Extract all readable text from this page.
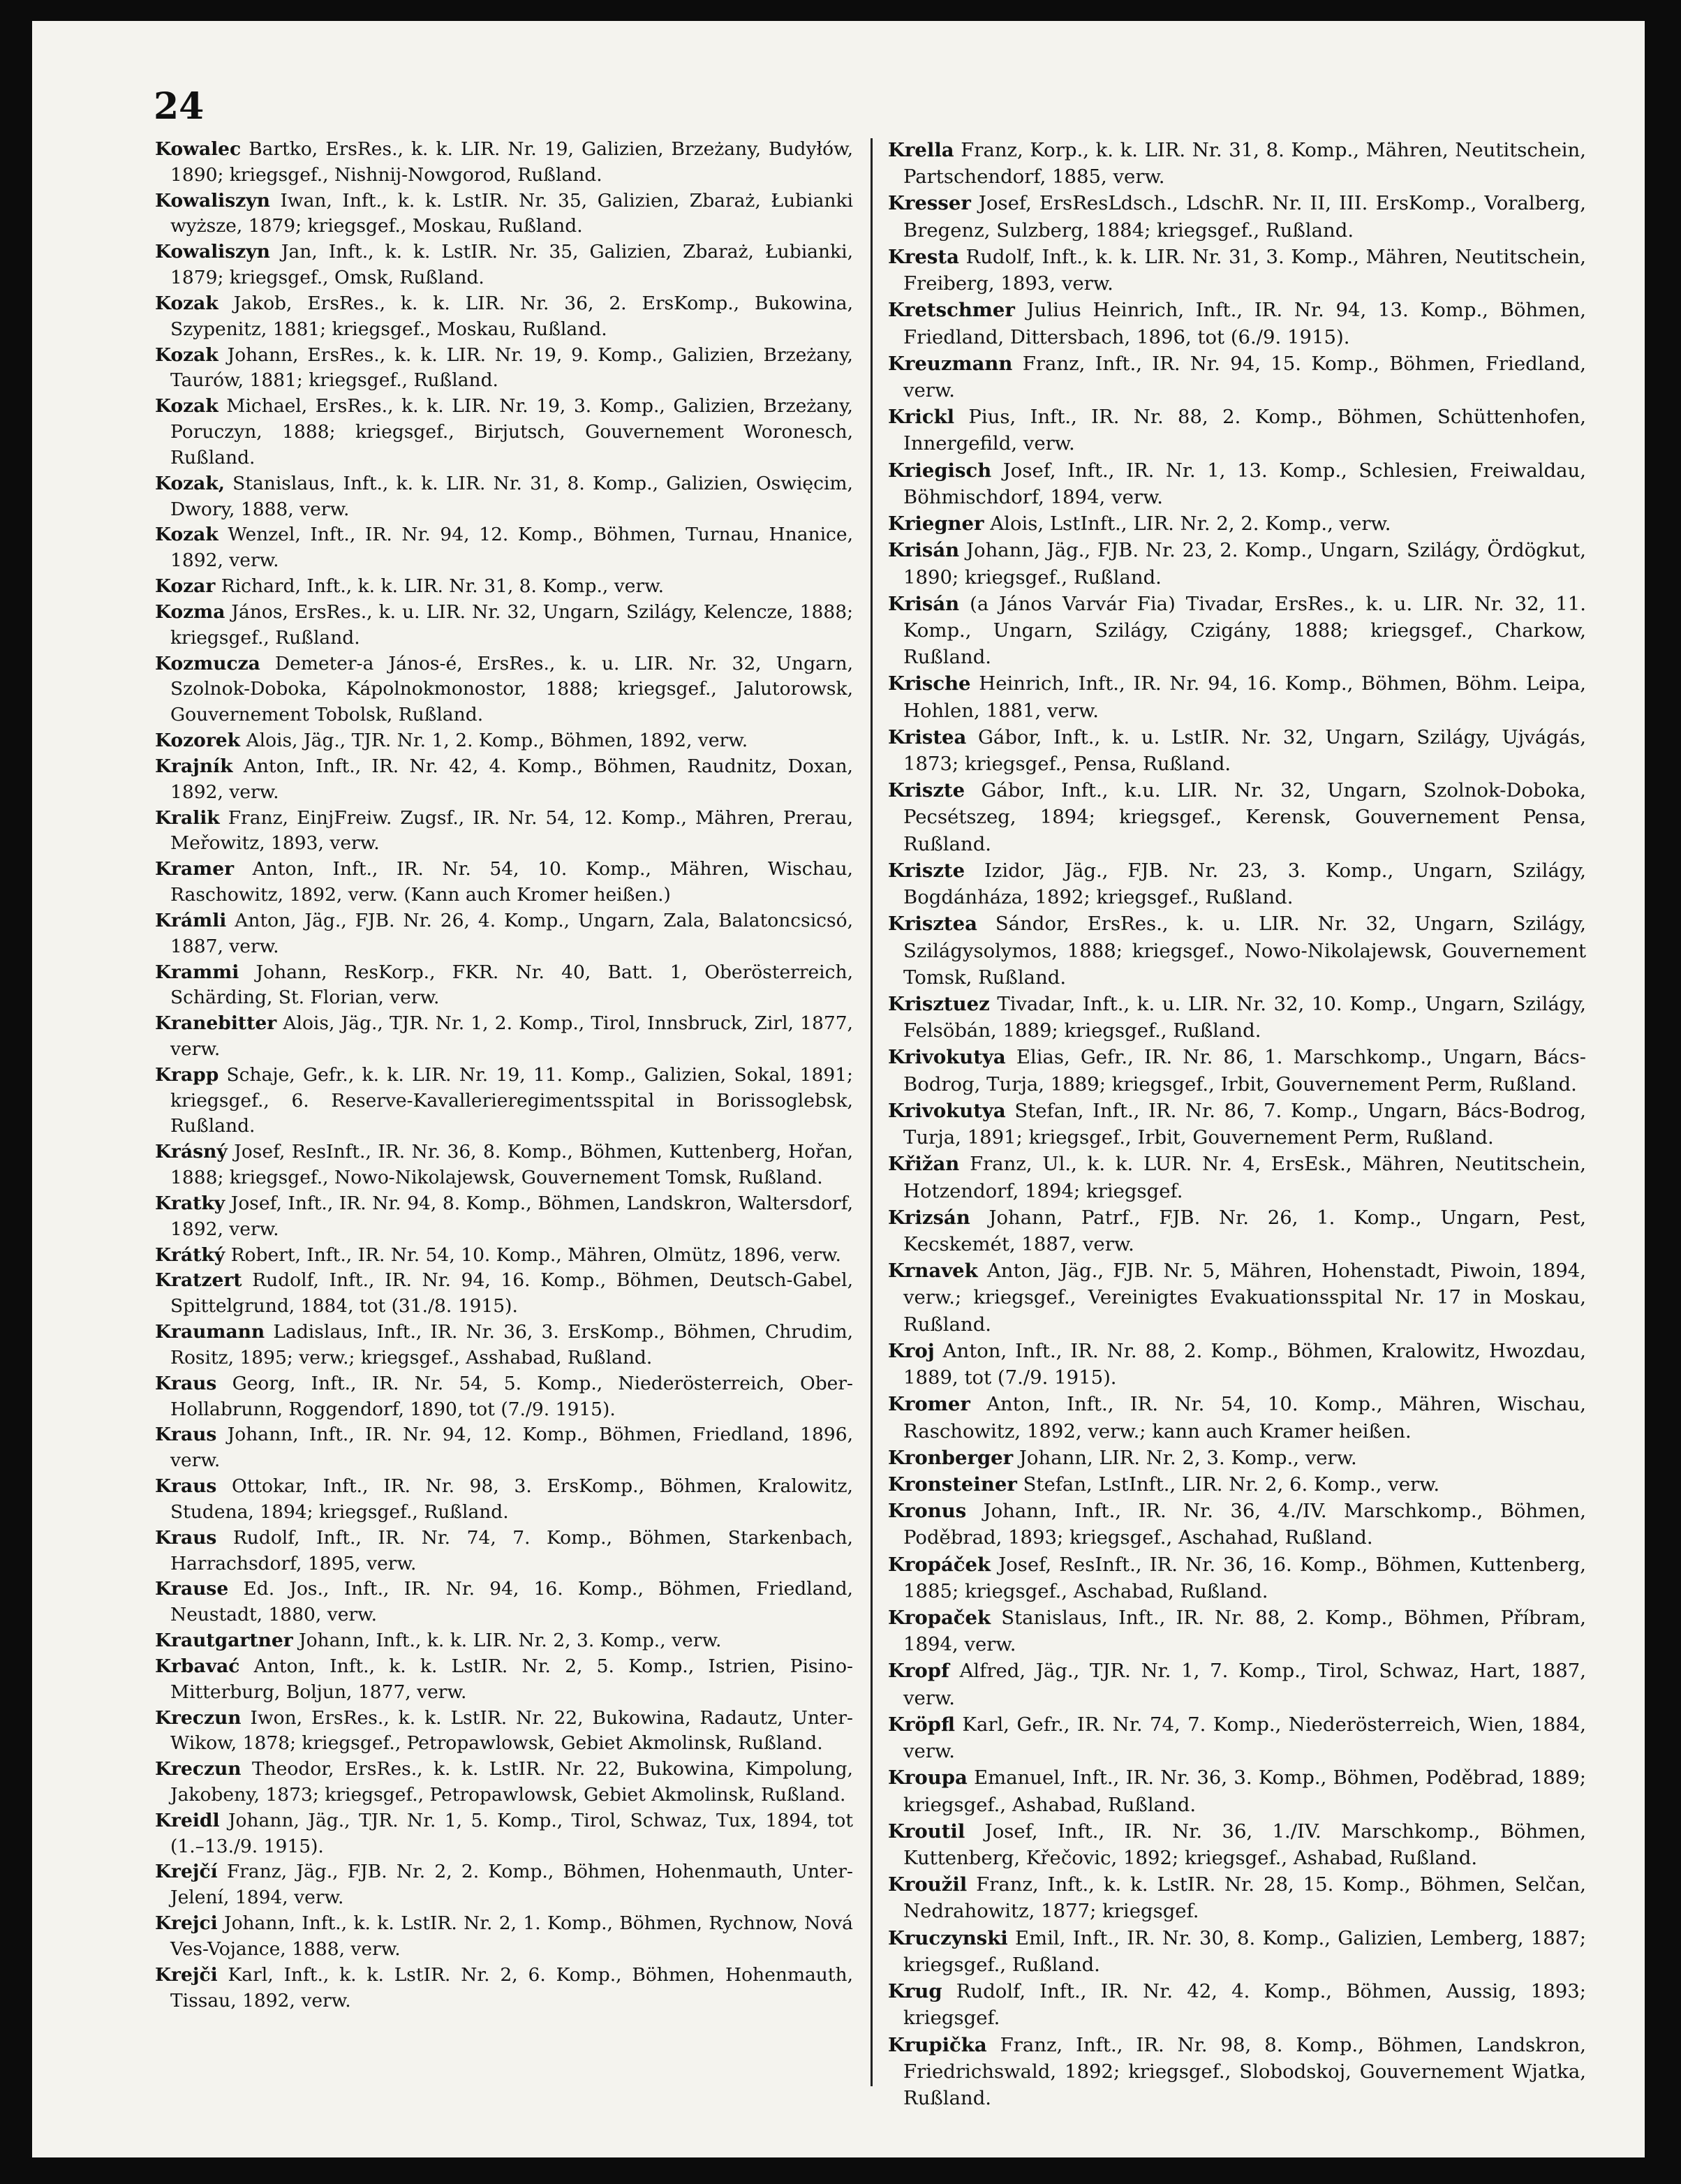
24

Kowalec Bartko, ErsRes., k. k. LIR. Nr. 19, Galizien, Brzeżany, Budyłów, 1890; kriegsgef., Nishnij-Nowgorod, Rußland.

Kowaliszyn Iwan, Inft., k. k. LstIR. Nr. 35, Galizien, Zbaraż, Łubianki wyższe, 1879; kriegsgef., Moskau, Rußland.

Kowaliszyn Jan, Inft., k. k. LstIR. Nr. 35, Galizien, Zbaraż, Łubianki, 1879; kriegsgef., Omsk, Rußland.

Kozak Jakob, ErsRes., k. k. LIR. Nr. 36, 2. ErsKomp., Bukowina, Szypenitz, 1881; kriegsgef., Moskau, Rußland.

Kozak Johann, ErsRes., k. k. LIR. Nr. 19, 9. Komp., Galizien, Brzeżany, Taurów, 1881; kriegsgef., Rußland.

Kozak Michael, ErsRes., k. k. LIR. Nr. 19, 3. Komp., Galizien, Brzeżany, Poruczyn, 1888; kriegsgef., Birjutsch, Gouvernement Woronesch, Rußland.

Kozak, Stanislaus, Inft., k. k. LIR. Nr. 31, 8. Komp., Galizien, Oswięcim, Dwory, 1888, verw.

Kozak Wenzel, Inft., IR. Nr. 94, 12. Komp., Böhmen, Turnau, Hnanice, 1892, verw.

Kozar Richard, Inft., k. k. LIR. Nr. 31, 8. Komp., verw.

Kozma János, ErsRes., k. u. LIR. Nr. 32, Ungarn, Szilágy, Kelencze, 1888; kriegsgef., Rußland.

Kozmucza Demeter-a János-é, ErsRes., k. u. LIR. Nr. 32, Ungarn, Szolnok-Doboka, Kápolnokmonostor, 1888; kriegsgef., Jalutorowsk, Gouvernement Tobolsk, Rußland.

Kozorek Alois, Jäg., TJR. Nr. 1, 2. Komp., Böhmen, 1892, verw.

Krajník Anton, Inft., IR. Nr. 42, 4. Komp., Böhmen, Raudnitz, Doxan, 1892, verw.

Kralik Franz, EinjFreiw. Zugsf., IR. Nr. 54, 12. Komp., Mähren, Prerau, Meřowitz, 1893, verw.

Kramer Anton, Inft., IR. Nr. 54, 10. Komp., Mähren, Wischau, Raschowitz, 1892, verw. (Kann auch Kromer heißen.)

Krámli Anton, Jäg., FJB. Nr. 26, 4. Komp., Ungarn, Zala, Balatoncsicsó, 1887, verw.

Krammi Johann, ResKorp., FKR. Nr. 40, Batt. 1, Oberösterreich, Schärding, St. Florian, verw.

Kranebitter Alois, Jäg., TJR. Nr. 1, 2. Komp., Tirol, Innsbruck, Zirl, 1877, verw.

Krapp Schaje, Gefr., k. k. LIR. Nr. 19, 11. Komp., Galizien, Sokal, 1891; kriegsgef., 6. Reserve-Kavallerieregimentsspital in Borissoglebsk, Rußland.

Krásný Josef, ResInft., IR. Nr. 36, 8. Komp., Böhmen, Kuttenberg, Hořan, 1888; kriegsgef., Nowo-Nikolajewsk, Gouvernement Tomsk, Rußland.

Kratky Josef, Inft., IR. Nr. 94, 8. Komp., Böhmen, Landskron, Waltersdorf, 1892, verw.

Krátký Robert, Inft., IR. Nr. 54, 10. Komp., Mähren, Olmütz, 1896, verw.

Kratzert Rudolf, Inft., IR. Nr. 94, 16. Komp., Böhmen, Deutsch-Gabel, Spittelgrund, 1884, tot (31./8. 1915).

Kraumann Ladislaus, Inft., IR. Nr. 36, 3. ErsKomp., Böhmen, Chrudim, Rositz, 1895; verw.; kriegsgef., Asshabad, Rußland.

Kraus Georg, Inft., IR. Nr. 54, 5. Komp., Niederösterreich, Ober-Hollabrunn, Roggendorf, 1890, tot (7./9. 1915).

Kraus Johann, Inft., IR. Nr. 94, 12. Komp., Böhmen, Friedland, 1896, verw.

Kraus Ottokar, Inft., IR. Nr. 98, 3. ErsKomp., Böhmen, Kralowitz, Studena, 1894; kriegsgef., Rußland.

Kraus Rudolf, Inft., IR. Nr. 74, 7. Komp., Böhmen, Starkenbach, Harrachsdorf, 1895, verw.

Krause Ed. Jos., Inft., IR. Nr. 94, 16. Komp., Böhmen, Friedland, Neustadt, 1880, verw.

Krautgartner Johann, Inft., k. k. LIR. Nr. 2, 3. Komp., verw.

Krbavać Anton, Inft., k. k. LstIR. Nr. 2, 5. Komp., Istrien, Pisino-Mitterburg, Boljun, 1877, verw.

Kreczun Iwon, ErsRes., k. k. LstIR. Nr. 22, Bukowina, Radautz, Unter-Wikow, 1878; kriegsgef., Petropawlowsk, Gebiet Akmolinsk, Rußland.

Kreczun Theodor, ErsRes., k. k. LstIR. Nr. 22, Bukowina, Kimpolung, Jakobeny, 1873; kriegsgef., Petropawlowsk, Gebiet Akmolinsk, Rußland.

Kreidl Johann, Jäg., TJR. Nr. 1, 5. Komp., Tirol, Schwaz, Tux, 1894, tot (1.–13./9. 1915).

Krejčí Franz, Jäg., FJB. Nr. 2, 2. Komp., Böhmen, Hohenmauth, Unter-Jelení, 1894, verw.

Krejci Johann, Inft., k. k. LstIR. Nr. 2, 1. Komp., Böhmen, Rychnow, Nová Ves-Vojance, 1888, verw.

Krejči Karl, Inft., k. k. LstIR. Nr. 2, 6. Komp., Böhmen, Hohenmauth, Tissau, 1892, verw.

Krella Franz, Korp., k. k. LIR. Nr. 31, 8. Komp., Mähren, Neutitschein, Partschendorf, 1885, verw.

Kresser Josef, ErsResLdsch., LdschR. Nr. II, III. ErsKomp., Voralberg, Bregenz, Sulzberg, 1884; kriegsgef., Rußland.

Kresta Rudolf, Inft., k. k. LIR. Nr. 31, 3. Komp., Mähren, Neutitschein, Freiberg, 1893, verw.

Kretschmer Julius Heinrich, Inft., IR. Nr. 94, 13. Komp., Böhmen, Friedland, Dittersbach, 1896, tot (6./9. 1915).

Kreuzmann Franz, Inft., IR. Nr. 94, 15. Komp., Böhmen, Friedland, verw.

Krickl Pius, Inft., IR. Nr. 88, 2. Komp., Böhmen, Schüttenhofen, Innergefild, verw.

Kriegisch Josef, Inft., IR. Nr. 1, 13. Komp., Schlesien, Freiwaldau, Böhmischdorf, 1894, verw.

Kriegner Alois, LstInft., LIR. Nr. 2, 2. Komp., verw.

Krisán Johann, Jäg., FJB. Nr. 23, 2. Komp., Ungarn, Szilágy, Ördögkut, 1890; kriegsgef., Rußland.

Krisán (a János Varvár Fia) Tivadar, ErsRes., k. u. LIR. Nr. 32, 11. Komp., Ungarn, Szilágy, Czigány, 1888; kriegsgef., Charkow, Rußland.

Krische Heinrich, Inft., IR. Nr. 94, 16. Komp., Böhmen, Böhm. Leipa, Hohlen, 1881, verw.

Kristea Gábor, Inft., k. u. LstIR. Nr. 32, Ungarn, Szilágy, Ujvágás, 1873; kriegsgef., Pensa, Rußland.

Kriszte Gábor, Inft., k.u. LIR. Nr. 32, Ungarn, Szolnok-Doboka, Pecsétszeg, 1894; kriegsgef., Kerensk, Gouvernement Pensa, Rußland.

Kriszte Izidor, Jäg., FJB. Nr. 23, 3. Komp., Ungarn, Szilágy, Bogdánháza, 1892; kriegsgef., Rußland.

Krisztea Sándor, ErsRes., k. u. LIR. Nr. 32, Ungarn, Szilágy, Szilágysolymos, 1888; kriegsgef., Nowo-Nikolajewsk, Gouvernement Tomsk, Rußland.

Krisztuez Tivadar, Inft., k. u. LIR. Nr. 32, 10. Komp., Ungarn, Szilágy, Felsöbán, 1889; kriegsgef., Rußland.

Krivokutya Elias, Gefr., IR. Nr. 86, 1. Marschkomp., Ungarn, Bács-Bodrog, Turja, 1889; kriegsgef., Irbit, Gouvernement Perm, Rußland.

Krivokutya Stefan, Inft., IR. Nr. 86, 7. Komp., Ungarn, Bács-Bodrog, Turja, 1891; kriegsgef., Irbit, Gouvernement Perm, Rußland.

Křižan Franz, Ul., k. k. LUR. Nr. 4, ErsEsk., Mähren, Neutitschein, Hotzendorf, 1894; kriegsgef.

Krizsán Johann, Patrf., FJB. Nr. 26, 1. Komp., Ungarn, Pest, Kecskemét, 1887, verw.

Krnavek Anton, Jäg., FJB. Nr. 5, Mähren, Hohenstadt, Piwoin, 1894, verw.; kriegsgef., Vereinigtes Evakuationsspital Nr. 17 in Moskau, Rußland.

Kroj Anton, Inft., IR. Nr. 88, 2. Komp., Böhmen, Kralowitz, Hwozdau, 1889, tot (7./9. 1915).

Kromer Anton, Inft., IR. Nr. 54, 10. Komp., Mähren, Wischau, Raschowitz, 1892, verw.; kann auch Kramer heißen.

Kronberger Johann, LIR. Nr. 2, 3. Komp., verw.

Kronsteiner Stefan, LstInft., LIR. Nr. 2, 6. Komp., verw.

Kronus Johann, Inft., IR. Nr. 36, 4./IV. Marschkomp., Böhmen, Poděbrad, 1893; kriegsgef., Aschahad, Rußland.

Kropáček Josef, ResInft., IR. Nr. 36, 16. Komp., Böhmen, Kuttenberg, 1885; kriegsgef., Aschabad, Rußland.

Kropaček Stanislaus, Inft., IR. Nr. 88, 2. Komp., Böhmen, Příbram, 1894, verw.

Kropf Alfred, Jäg., TJR. Nr. 1, 7. Komp., Tirol, Schwaz, Hart, 1887, verw.

Kröpfl Karl, Gefr., IR. Nr. 74, 7. Komp., Niederösterreich, Wien, 1884, verw.

Kroupa Emanuel, Inft., IR. Nr. 36, 3. Komp., Böhmen, Poděbrad, 1889; kriegsgef., Ashabad, Rußland.

Kroutil Josef, Inft., IR. Nr. 36, 1./IV. Marschkomp., Böhmen, Kuttenberg, Křečovic, 1892; kriegsgef., Ashabad, Rußland.

Kroužil Franz, Inft., k. k. LstIR. Nr. 28, 15. Komp., Böhmen, Selčan, Nedrahowitz, 1877; kriegsgef.

Kruczynski Emil, Inft., IR. Nr. 30, 8. Komp., Galizien, Lemberg, 1887; kriegsgef., Rußland.

Krug Rudolf, Inft., IR. Nr. 42, 4. Komp., Böhmen, Aussig, 1893; kriegsgef.

Krupička Franz, Inft., IR. Nr. 98, 8. Komp., Böhmen, Landskron, Friedrichswald, 1892; kriegsgef., Slobodskoj, Gouvernement Wjatka, Rußland.
